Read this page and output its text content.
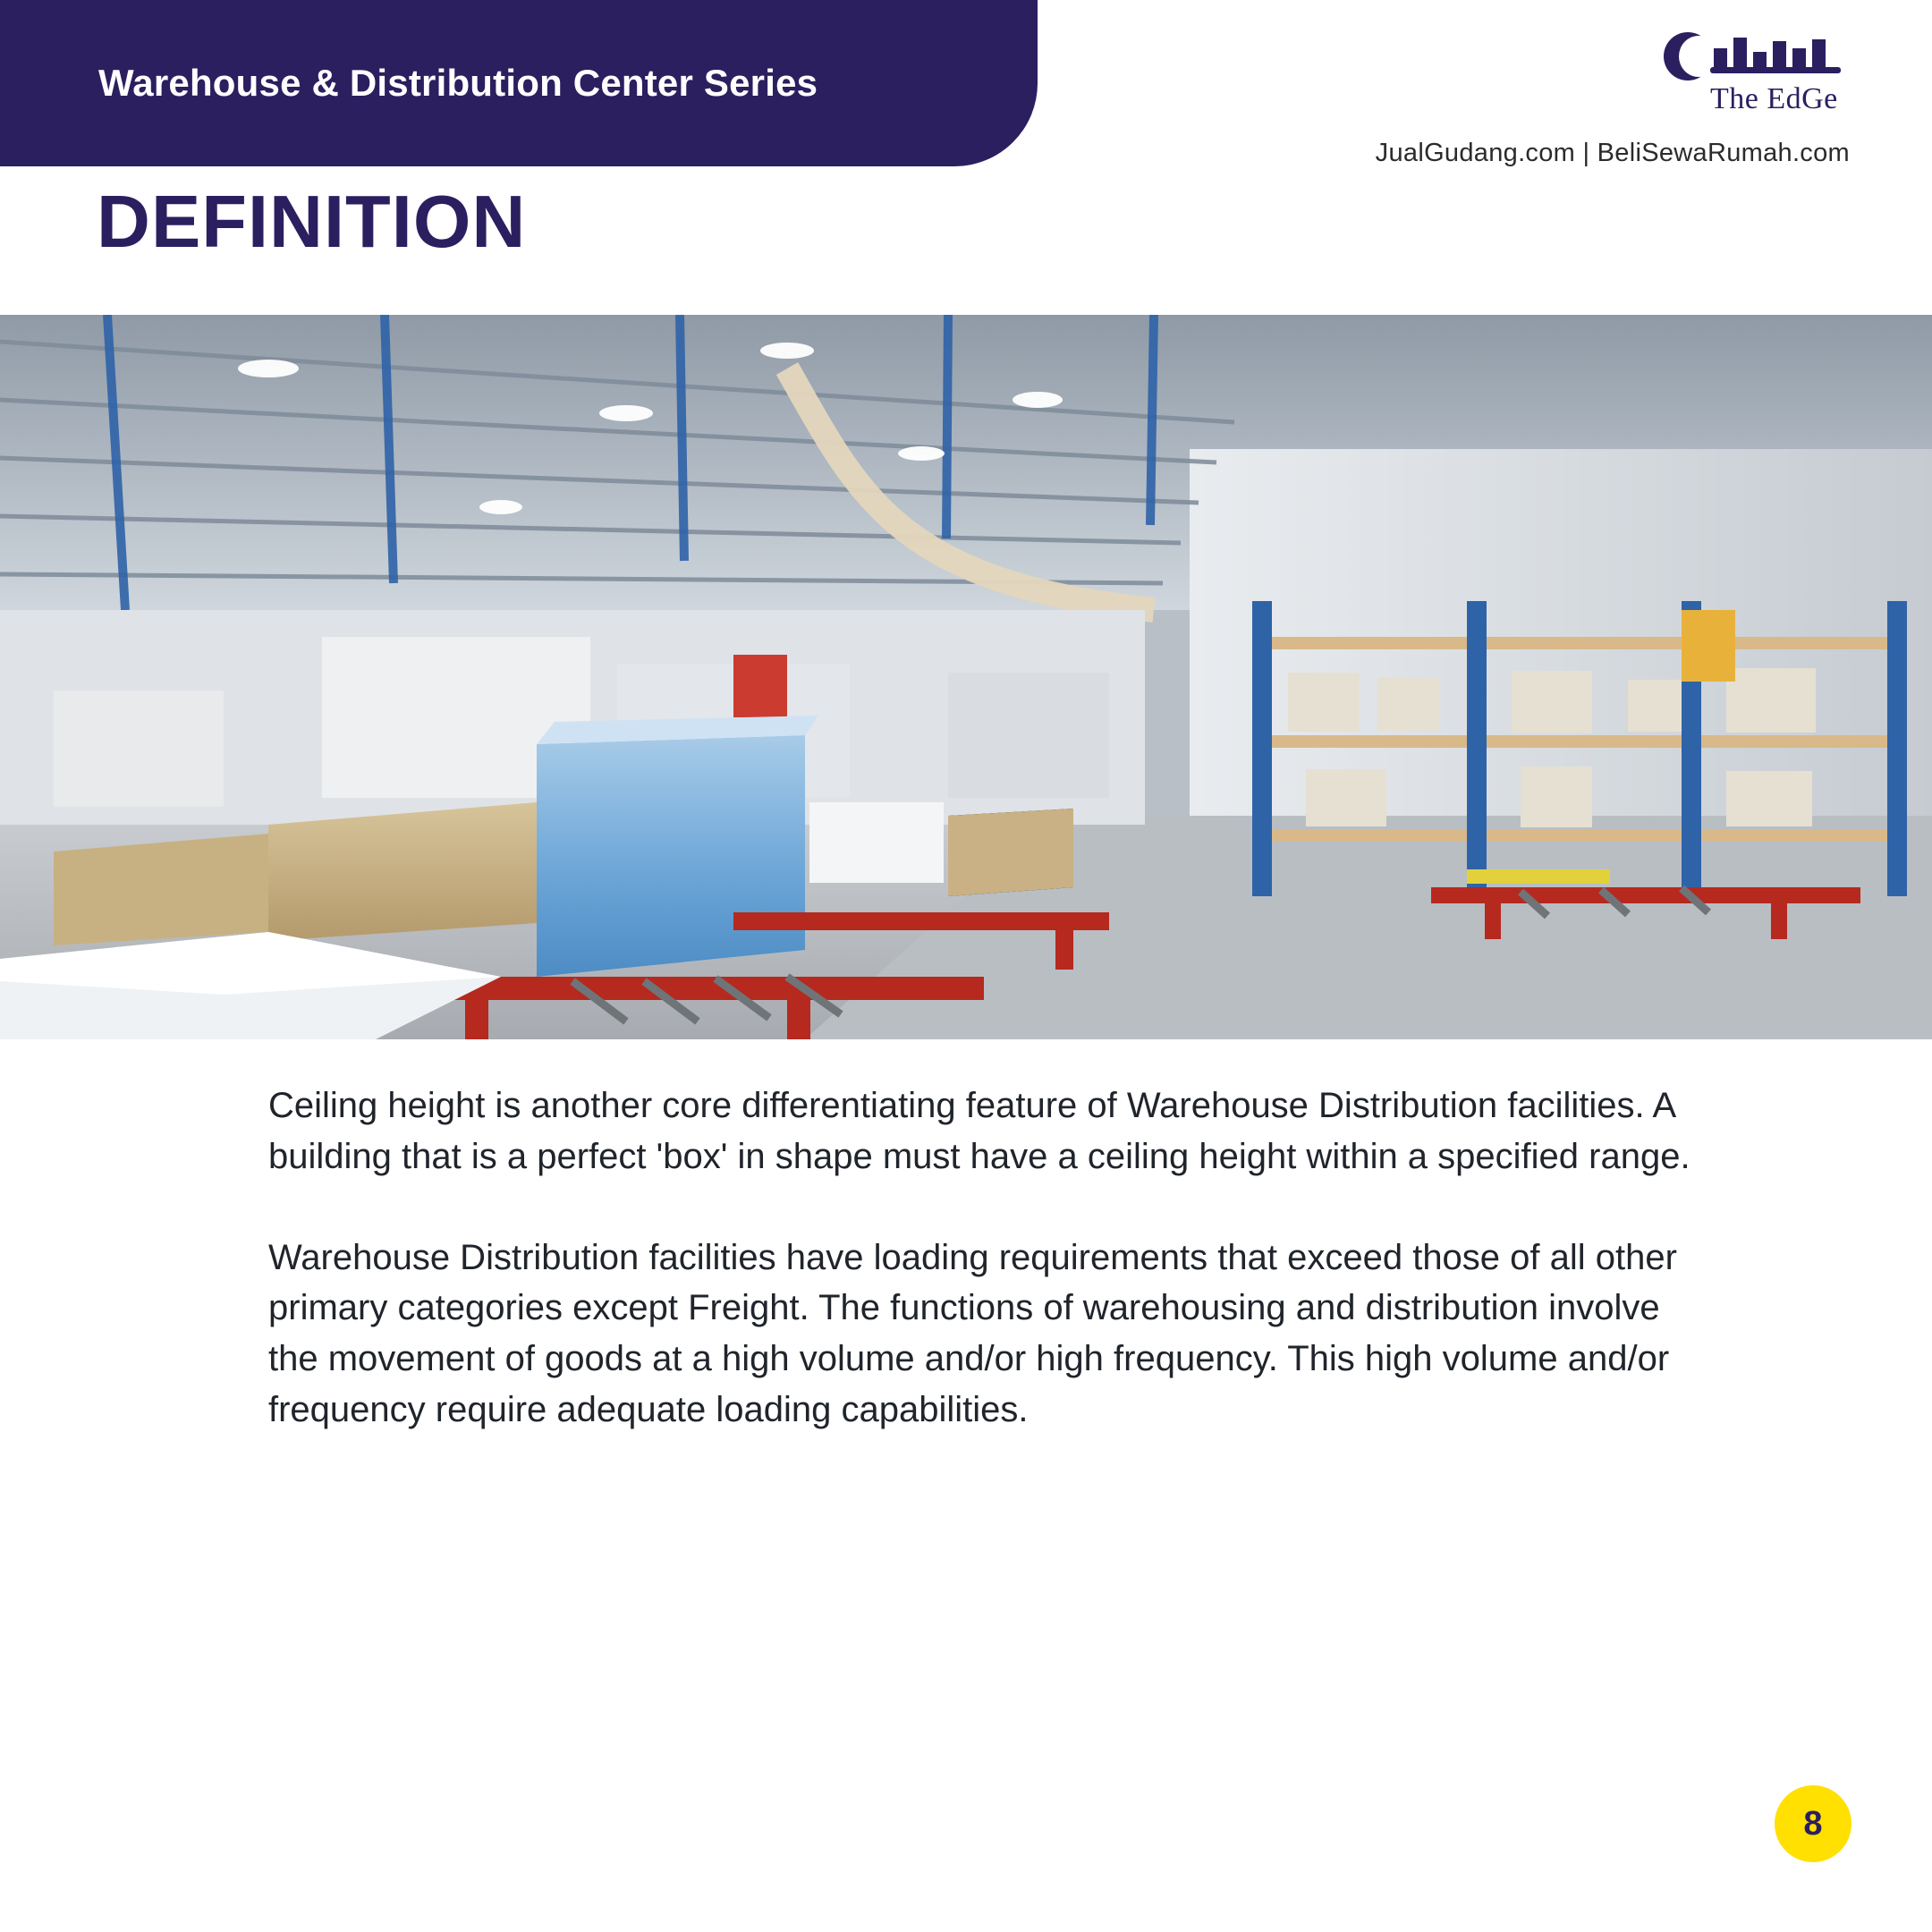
Warehouse & Distribution Center Series	The EdGe
JualGudang.com | BeliSewaRumah.com
DEFINITION

Ceiling height is another core differentiating feature of Warehouse Distribution facilities. A building that is a perfect 'box' in shape must have a ceiling height within a specified range.

Warehouse Distribution facilities have loading requirements that exceed those of all other primary categories except Freight. The functions of warehousing and distribution involve the movement of goods at a high volume and/or high frequency. This high volume and/or frequency require adequate loading capabilities.

8
